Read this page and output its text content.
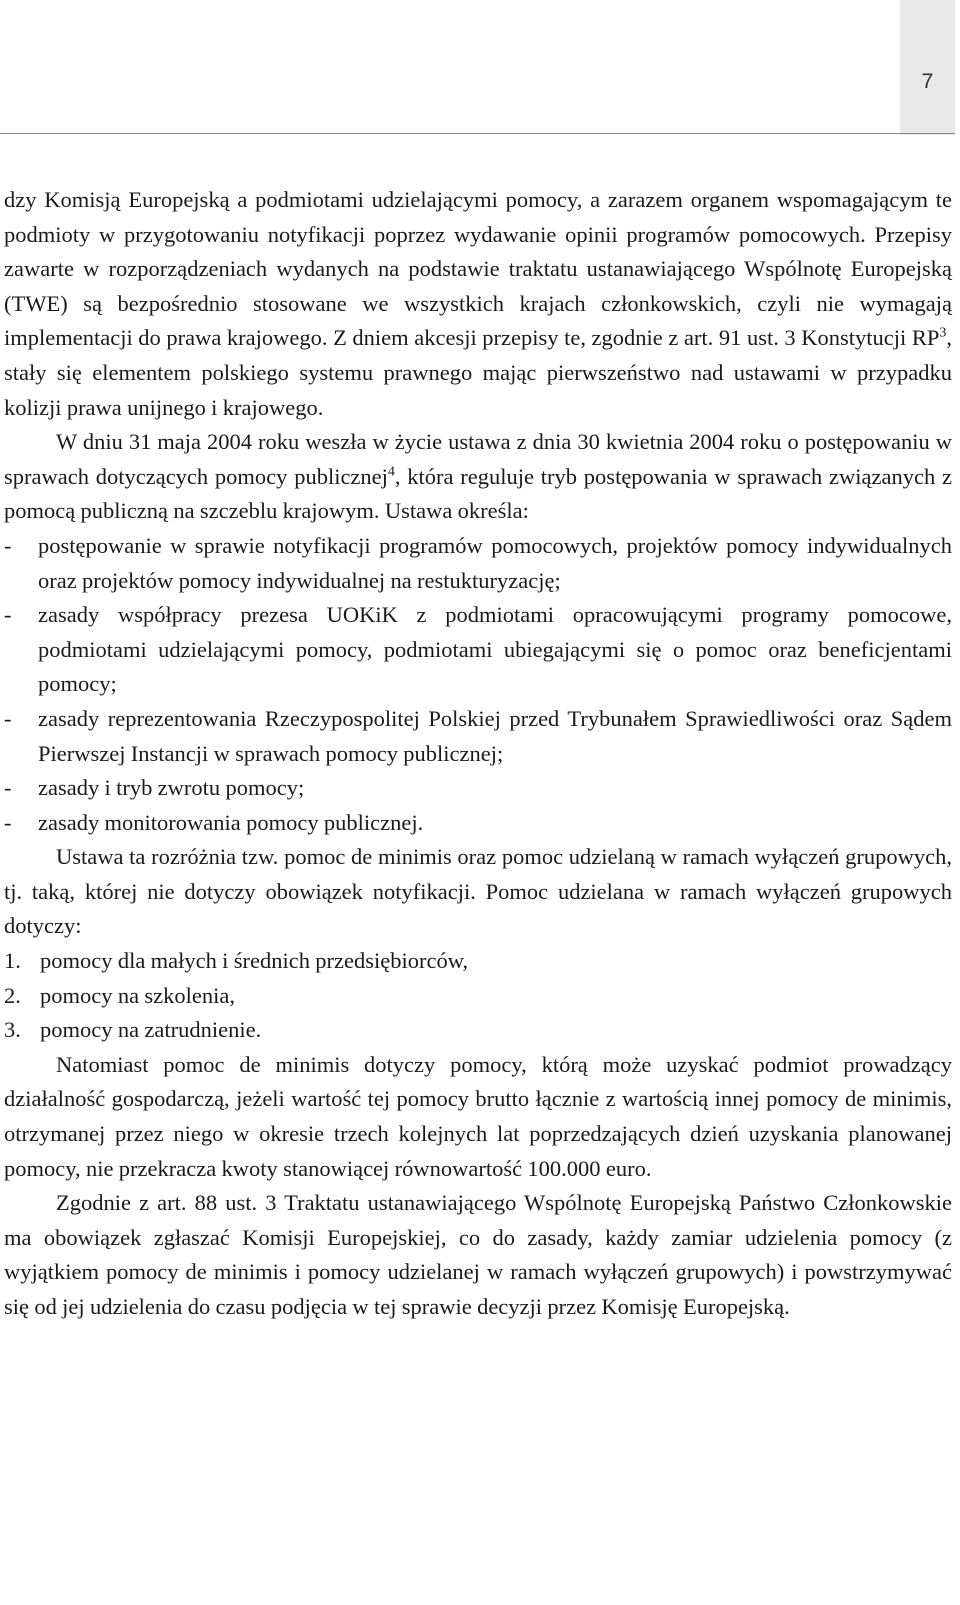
7

dzy Komisją Europejską a podmiotami udzielającymi pomocy, a zarazem organem wspomagającym te podmioty w przygotowaniu notyfikacji poprzez wydawanie opinii programów pomocowych. Przepisy zawarte w rozporządzeniach wydanych na podstawie traktatu ustanawiającego Wspólnotę Europejską (TWE) są bezpośrednio stosowane we wszystkich krajach członkowskich, czyli nie wymagają implementacji do prawa krajowego. Z dniem akcesji przepisy te, zgodnie z art. 91 ust. 3 Konstytucji $RP^3$, stały się elementem polskiego systemu prawnego mając pierwszeństwo nad ustawami w przypadku kolizji prawa unijnego i krajowego.

W dniu 31 maja 2004 roku weszła w życie ustawa z dnia 30 kwietnia 2004 roku o postępowaniu w sprawach dotyczących pomocy publicznej$^4$, która reguluje tryb postępowania w sprawach związanych z pomocą publiczną na szczeblu krajowym. Ustawa określa:

-	postępowanie w sprawie notyfikacji programów pomocowych, projektów pomocy indywidualnych oraz projektów pomocy indywidualnej na restukturyzację;
-	zasady współpracy prezesa UOKiK z podmiotami opracowującymi programy pomocowe, podmiotami udzielającymi pomocy, podmiotami ubiegającymi się o pomoc oraz beneficjentami pomocy;
-	zasady reprezentowania Rzeczypospolitej Polskiej przed Trybunałem Sprawiedliwości oraz Sądem Pierwszej Instancji w sprawach pomocy publicznej;
-	zasady i tryb zwrotu pomocy;
-	zasady monitorowania pomocy publicznej.

Ustawa ta rozróżnia tzw. pomoc de minimis oraz pomoc udzielaną w ramach wyłączeń grupowych, tj. taką, której nie dotyczy obowiązek notyfikacji. Pomoc udzielana w ramach wyłączeń grupowych dotyczy:

1. pomocy dla małych i średnich przedsiębiorców,
2. pomocy na szkolenia,
3. pomocy na zatrudnienie.

Natomiast pomoc de minimis dotyczy pomocy, którą może uzyskać podmiot prowadzący działalność gospodarczą, jeżeli wartość tej pomocy brutto łącznie z wartością innej pomocy de minimis, otrzymanej przez niego w okresie trzech kolejnych lat poprzedzających dzień uzyskania planowanej pomocy, nie przekracza kwoty stanowiącej równowartość 100.000 euro.

Zgodnie z art. 88 ust. 3 Traktatu ustanawiającego Wspólnotę Europejską Państwo Członkowskie ma obowiązek zgłaszać Komisji Europejskiej, co do zasady, każdy zamiar udzielenia pomocy (z wyjątkiem pomocy de minimis i pomocy udzielanej w ramach wyłączeń grupowych) i powstrzymywać się od jej udzielenia do czasu podjęcia w tej sprawie decyzji przez Komisję Europejską.
